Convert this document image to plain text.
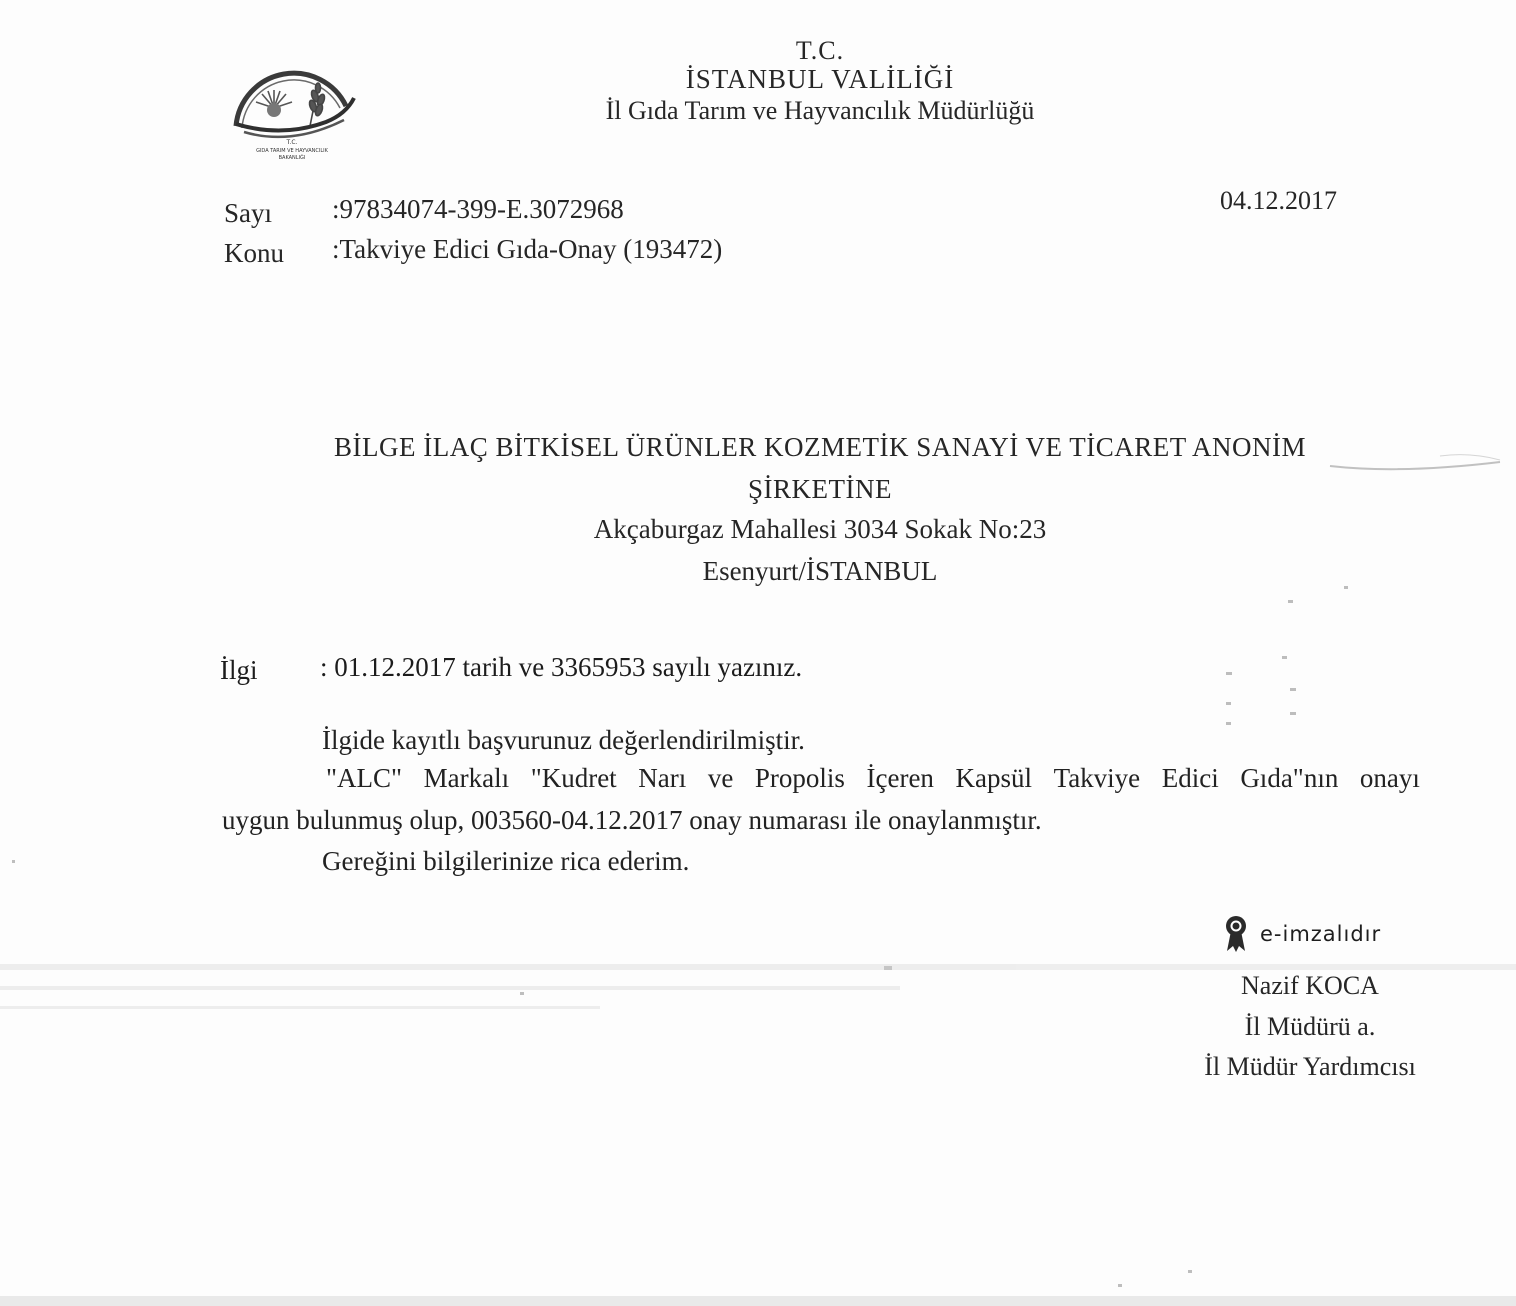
T.C.
GIDA TARIM VE HAYVANCILIK
BAKANLIĞI
T.C.
İSTANBUL VALİLİĞİ
İl Gıda Tarım ve Hayvancılık Müdürlüğü
Sayı :97834074-399-E.3072968
Konu :Takviye Edici Gıda-Onay (193472)
04.12.2017
BİLGE İLAÇ BİTKİSEL ÜRÜNLER KOZMETİK SANAYİ VE TİCARET ANONİM
ŞİRKETİNE
Akçaburgaz Mahallesi 3034 Sokak No:23
Esenyurt/İSTANBUL
İlgi : 01.12.2017 tarih ve 3365953 sayılı yazınız.
İlgide kayıtlı başvurunuz değerlendirilmiştir.
"ALC" Markalı "Kudret Narı ve Propolis İçeren Kapsül Takviye Edici Gıda"nın onayı
uygun bulunmuş olup, 003560-04.12.2017 onay numarası ile onaylanmıştır.
Gereğini bilgilerinize rica ederim.
e-imzalıdır
Nazif KOCA
İl Müdürü a.
İl Müdür Yardımcısı
